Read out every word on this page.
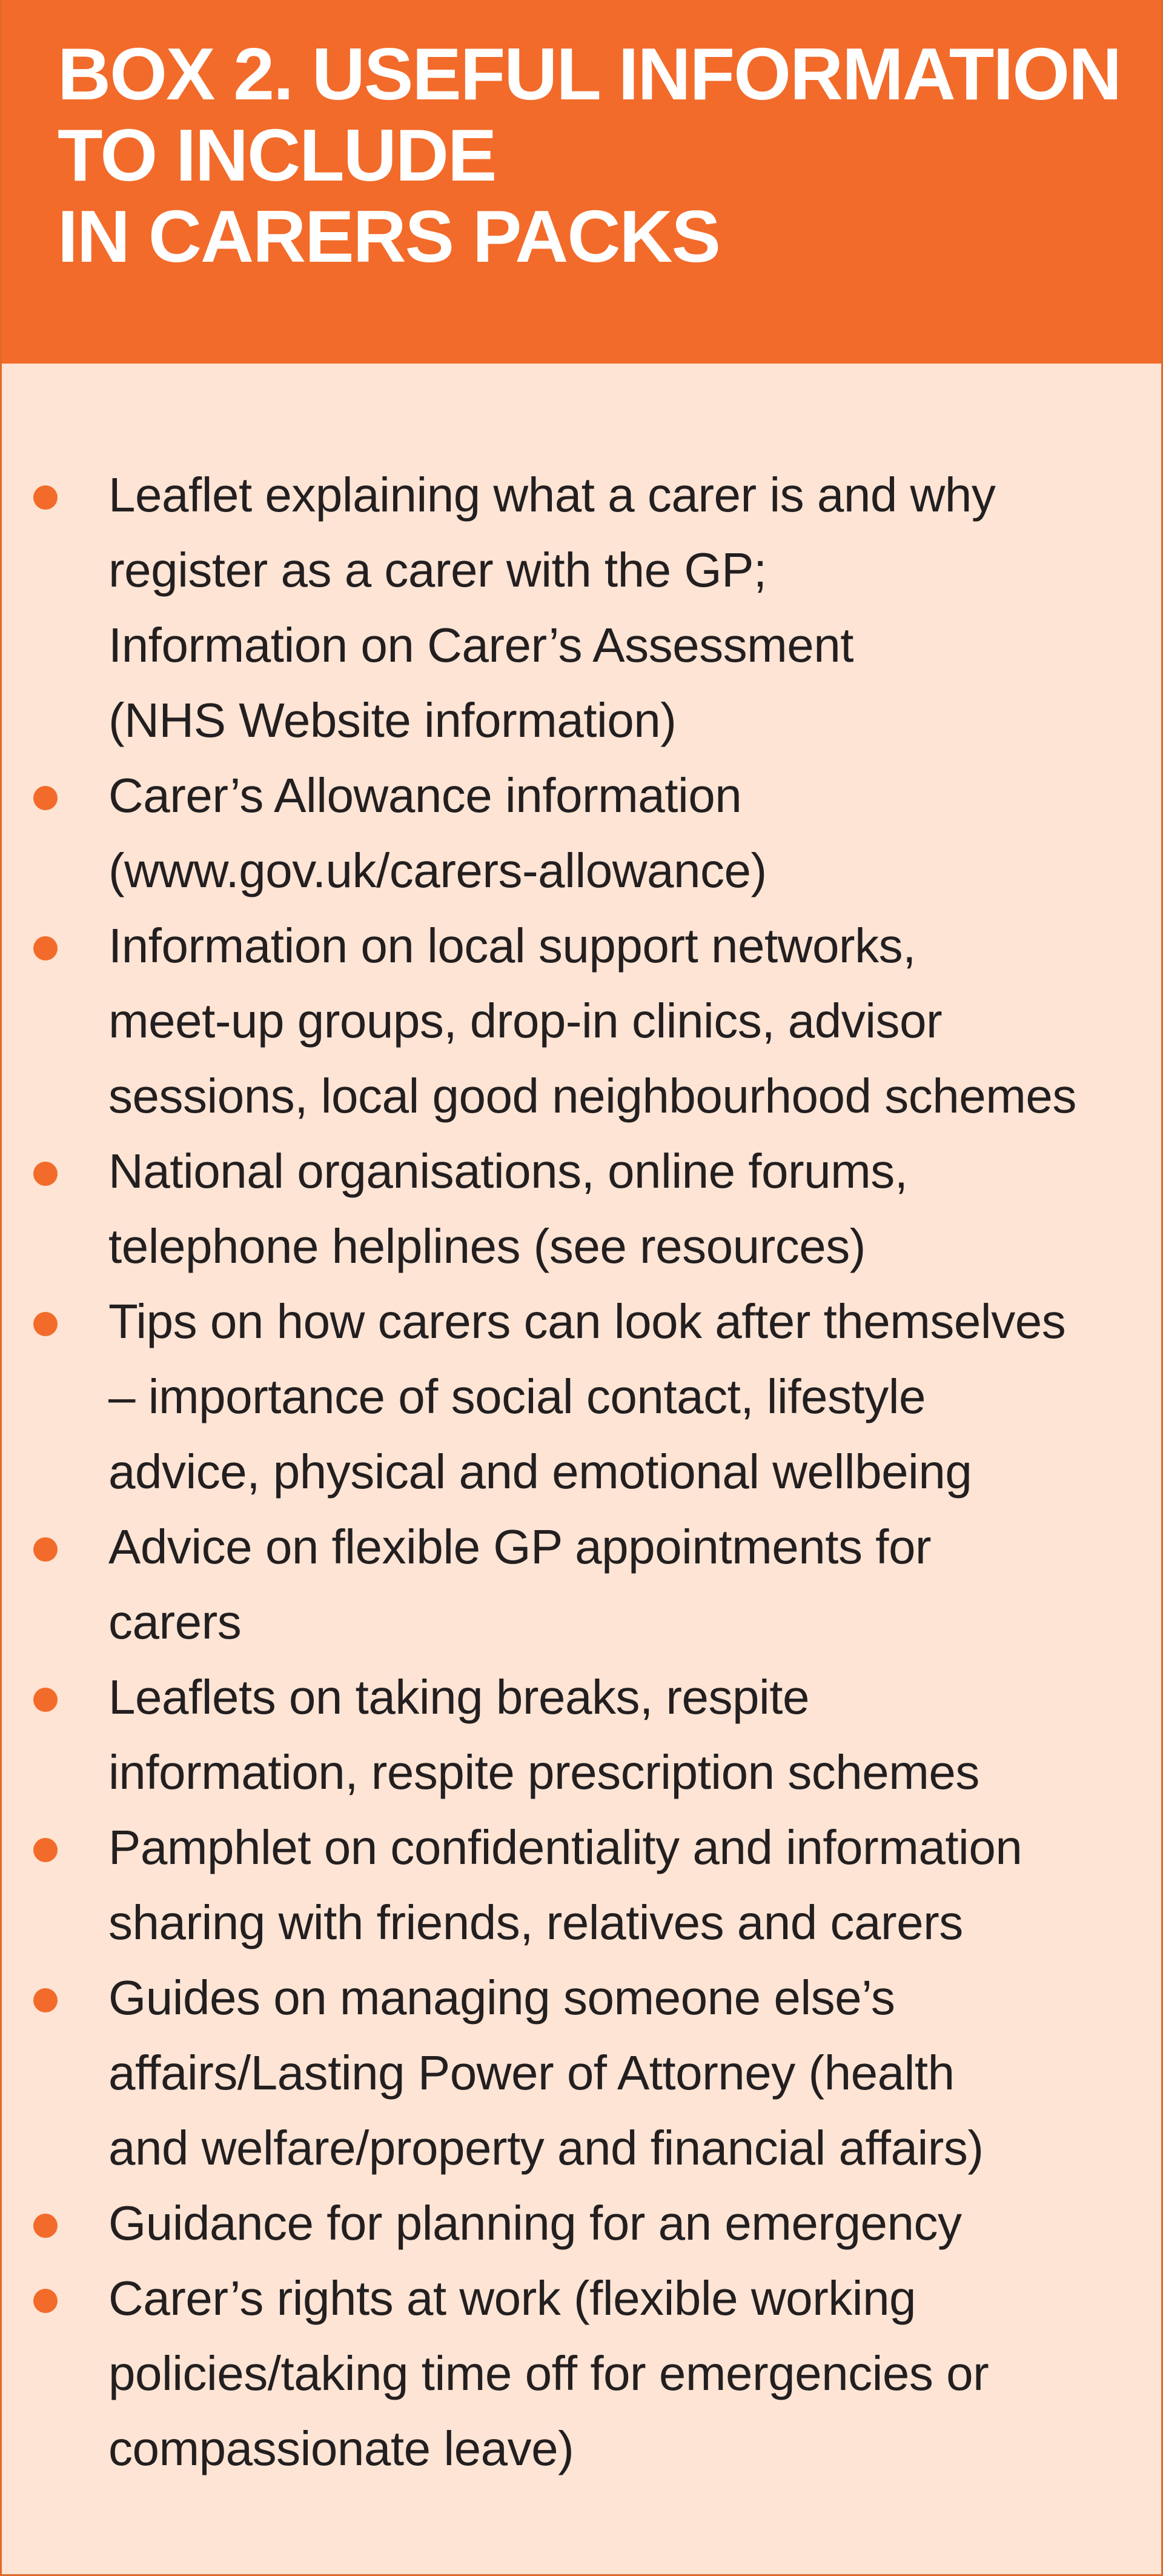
BOX 2. USEFUL INFORMATION
TO INCLUDE
IN CARERS PACKS
Leaflet explaining what a carer is and why
register as a carer with the GP;
Information on Carer’s Assessment
(NHS Website information)
Carer’s Allowance information
(www.gov.uk/carers-allowance)
Information on local support networks,
meet-up groups, drop-in clinics, advisor
sessions, local good neighbourhood schemes
National organisations, online forums,
telephone helplines (see resources)
Tips on how carers can look after themselves
– importance of social contact, lifestyle
advice, physical and emotional wellbeing
Advice on flexible GP appointments for
carers
Leaflets on taking breaks, respite
information, respite prescription schemes
Pamphlet on confidentiality and information
sharing with friends, relatives and carers
Guides on managing someone else’s
affairs/Lasting Power of Attorney (health
and welfare/property and financial affairs)
Guidance for planning for an emergency
Carer’s rights at work (flexible working
policies/taking time off for emergencies or
compassionate leave)
